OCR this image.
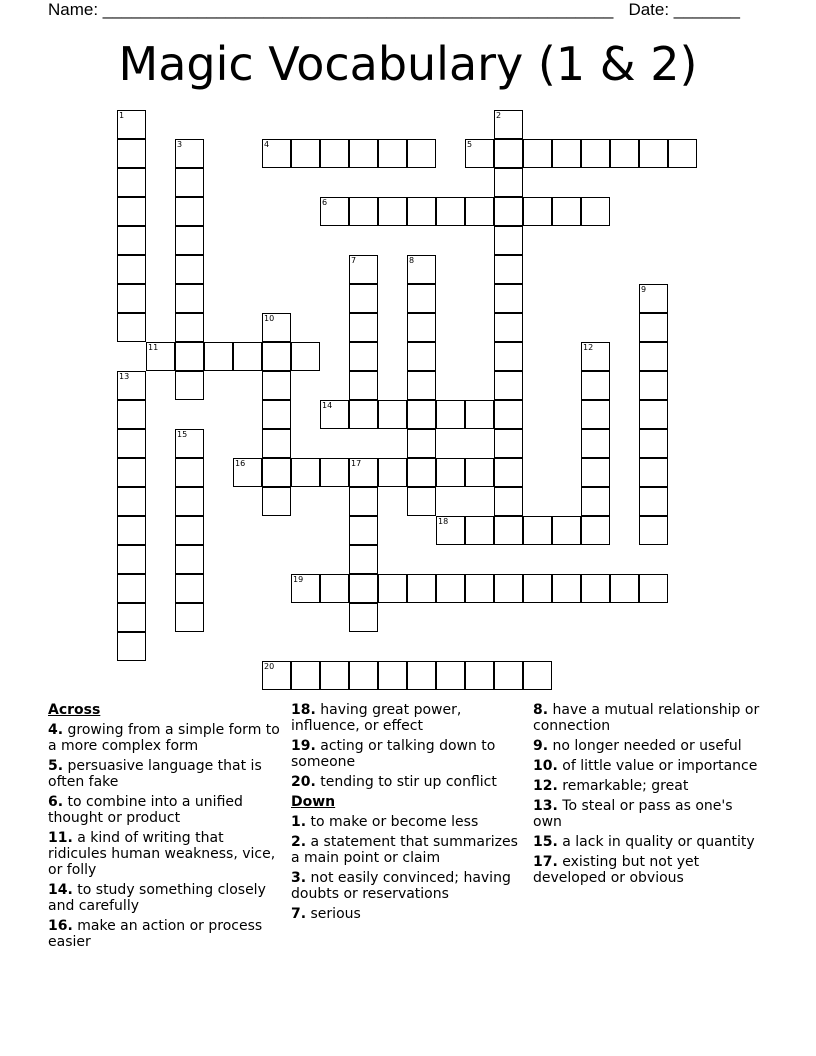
Name: ______________________________________________________ Date: _______
Magic Vocabulary (1 & 2)
1	2
3	4	5
6
7	8
9
10
11	12
13
14
15
16	17
18
19
20
Across
4. growing from a simple form to a more complex form
5. persuasive language that is often fake
6. to combine into a unified thought or product
11. a kind of writing that ridicules human weakness, vice, or folly
14. to study something closely and carefully
16. make an action or process easier
18. having great power, influence, or effect
19. acting or talking down to someone
20. tending to stir up conflict
Down
1. to make or become less
2. a statement that summarizes a main point or claim
3. not easily convinced; having doubts or reservations
7. serious
8. have a mutual relationship or connection
9. no longer needed or useful
10. of little value or importance
12. remarkable; great
13. To steal or pass as one's own
15. a lack in quality or quantity
17. existing but not yet developed or obvious
